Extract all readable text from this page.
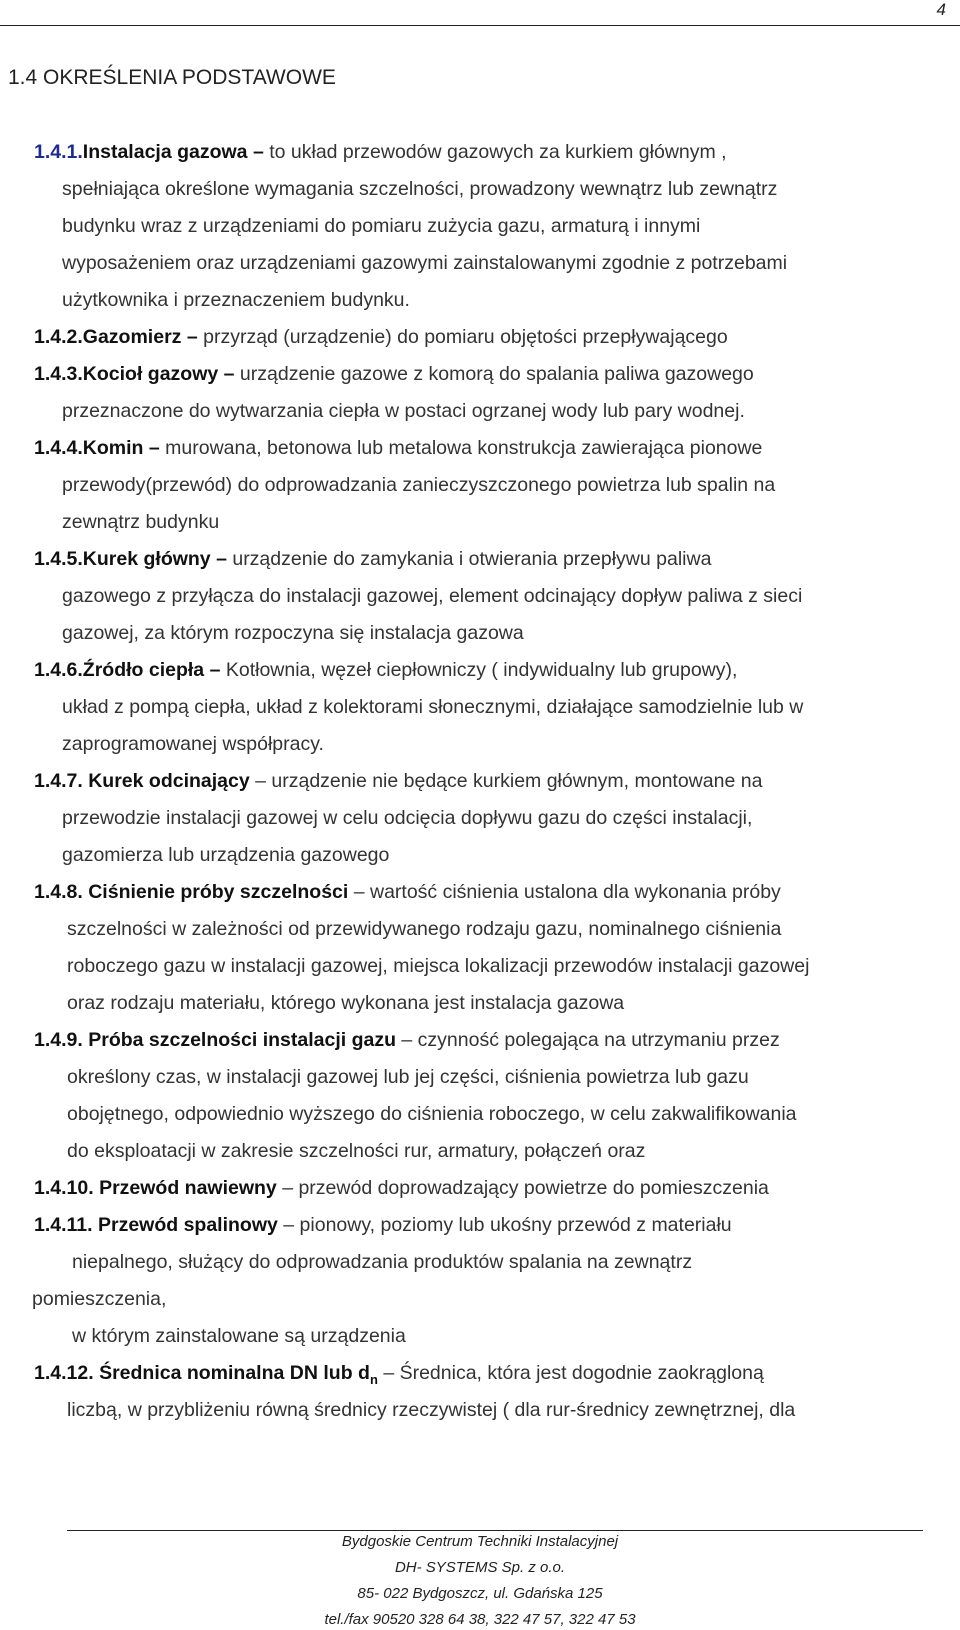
4
1.4 OKREŚLENIA PODSTAWOWE
1.4.1.Instalacja gazowa – to układ przewodów gazowych za kurkiem głównym ,
spełniająca określone wymagania szczelności, prowadzony wewnątrz lub zewnątrz
budynku wraz z urządzeniami do pomiaru zużycia gazu, armaturą i innymi
wyposażeniem oraz urządzeniami gazowymi zainstalowanymi zgodnie z potrzebami
użytkownika i przeznaczeniem budynku.
1.4.2.Gazomierz – przyrząd (urządzenie) do pomiaru objętości przepływającego
1.4.3.Kocioł gazowy – urządzenie gazowe z komorą do spalania paliwa gazowego
przeznaczone do wytwarzania ciepła w postaci ogrzanej wody lub pary wodnej.
1.4.4.Komin – murowana, betonowa lub metalowa konstrukcja zawierająca pionowe
przewody(przewód) do odprowadzania zanieczyszczonego powietrza lub spalin na
zewnątrz budynku
1.4.5.Kurek główny – urządzenie do zamykania i otwierania przepływu paliwa
gazowego z przyłącza do instalacji gazowej, element odcinający dopływ paliwa z sieci
gazowej, za którym rozpoczyna się instalacja gazowa
1.4.6.Źródło ciepła – Kotłownia, węzeł ciepłowniczy ( indywidualny lub grupowy),
układ z pompą ciepła, układ z kolektorami słonecznymi, działające samodzielnie lub w
zaprogramowanej współpracy.
1.4.7. Kurek odcinający – urządzenie nie będące kurkiem głównym, montowane na
przewodzie instalacji gazowej w celu odcięcia dopływu gazu do części instalacji,
gazomierza lub urządzenia gazowego
1.4.8. Ciśnienie próby szczelności – wartość ciśnienia ustalona dla wykonania próby
szczelności w zależności od przewidywanego rodzaju gazu, nominalnego ciśnienia
roboczego gazu w instalacji gazowej, miejsca lokalizacji przewodów instalacji gazowej
oraz rodzaju materiału, którego wykonana jest instalacja gazowa
1.4.9. Próba szczelności instalacji gazu – czynność polegająca na utrzymaniu przez
określony czas, w instalacji gazowej lub jej części, ciśnienia powietrza lub gazu
obojętnego, odpowiednio wyższego do ciśnienia roboczego, w celu zakwalifikowania
do eksploatacji w zakresie szczelności rur, armatury, połączeń oraz
1.4.10. Przewód nawiewny – przewód doprowadzający powietrze do pomieszczenia
1.4.11. Przewód spalinowy – pionowy, poziomy lub ukośny przewód z materiału
niepalnego, służący do odprowadzania produktów spalania na zewnątrz
pomieszczenia,
w którym zainstalowane są urządzenia
1.4.12. Średnica nominalna DN lub $d_n$ – Średnica, która jest dogodnie zaokrągloną
liczbą, w przybliżeniu równą średnicy rzeczywistej ( dla rur-średnicy zewnętrznej, dla
Bydgoskie Centrum Techniki Instalacyjnej
DH- SYSTEMS Sp. z o.o.
85- 022 Bydgoszcz, ul. Gdańska 125
tel./fax 90520 328 64 38, 322 47 57, 322 47 53
